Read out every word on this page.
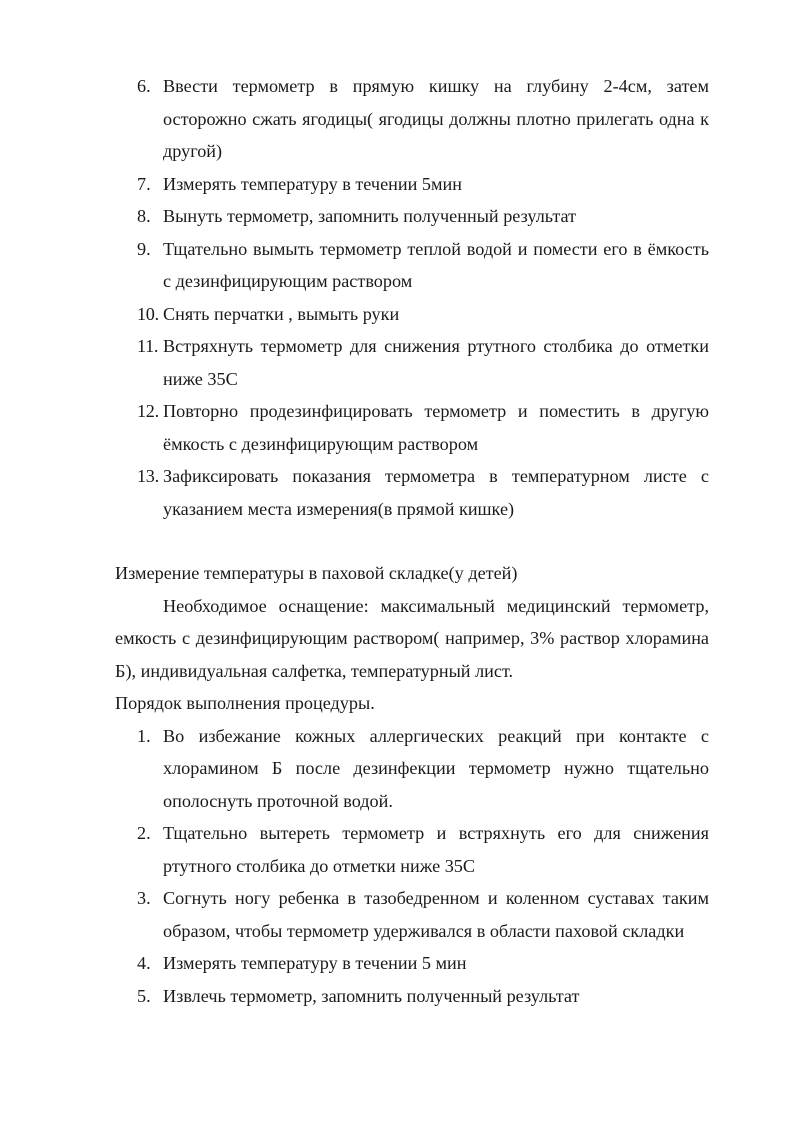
6. Ввести термометр в прямую кишку на глубину 2-4см, затем осторожно сжать ягодицы( ягодицы должны плотно прилегать одна к другой)
7. Измерять температуру в течении 5мин
8. Вынуть термометр, запомнить полученный результат
9. Тщательно вымыть термометр теплой водой и помести его в ёмкость с дезинфицирующим раствором
10. Снять перчатки , вымыть руки
11. Встряхнуть термометр для снижения ртутного столбика до отметки ниже 35С
12. Повторно продезинфицировать термометр и поместить в другую ёмкость с дезинфицирующим раствором
13. Зафиксировать показания термометра в температурном листе с указанием места измерения(в прямой кишке)

Измерение температуры в паховой складке(у детей)

Необходимое оснащение: максимальный медицинский термометр, емкость с дезинфицирующим раствором( например, 3% раствор хлорамина Б), индивидуальная салфетка, температурный лист.

Порядок выполнения процедуры.

1. Во избежание кожных аллергических реакций при контакте с хлорамином Б после дезинфекции термометр нужно тщательно ополоснуть проточной водой.
2. Тщательно вытереть термометр и встряхнуть его для снижения ртутного столбика до отметки ниже 35С
3. Согнуть ногу ребенка в тазобедренном и коленном суставах таким образом, чтобы термометр удерживался в области паховой складки
4. Измерять температуру в течении 5 мин
5. Извлечь термометр, запомнить полученный результат
